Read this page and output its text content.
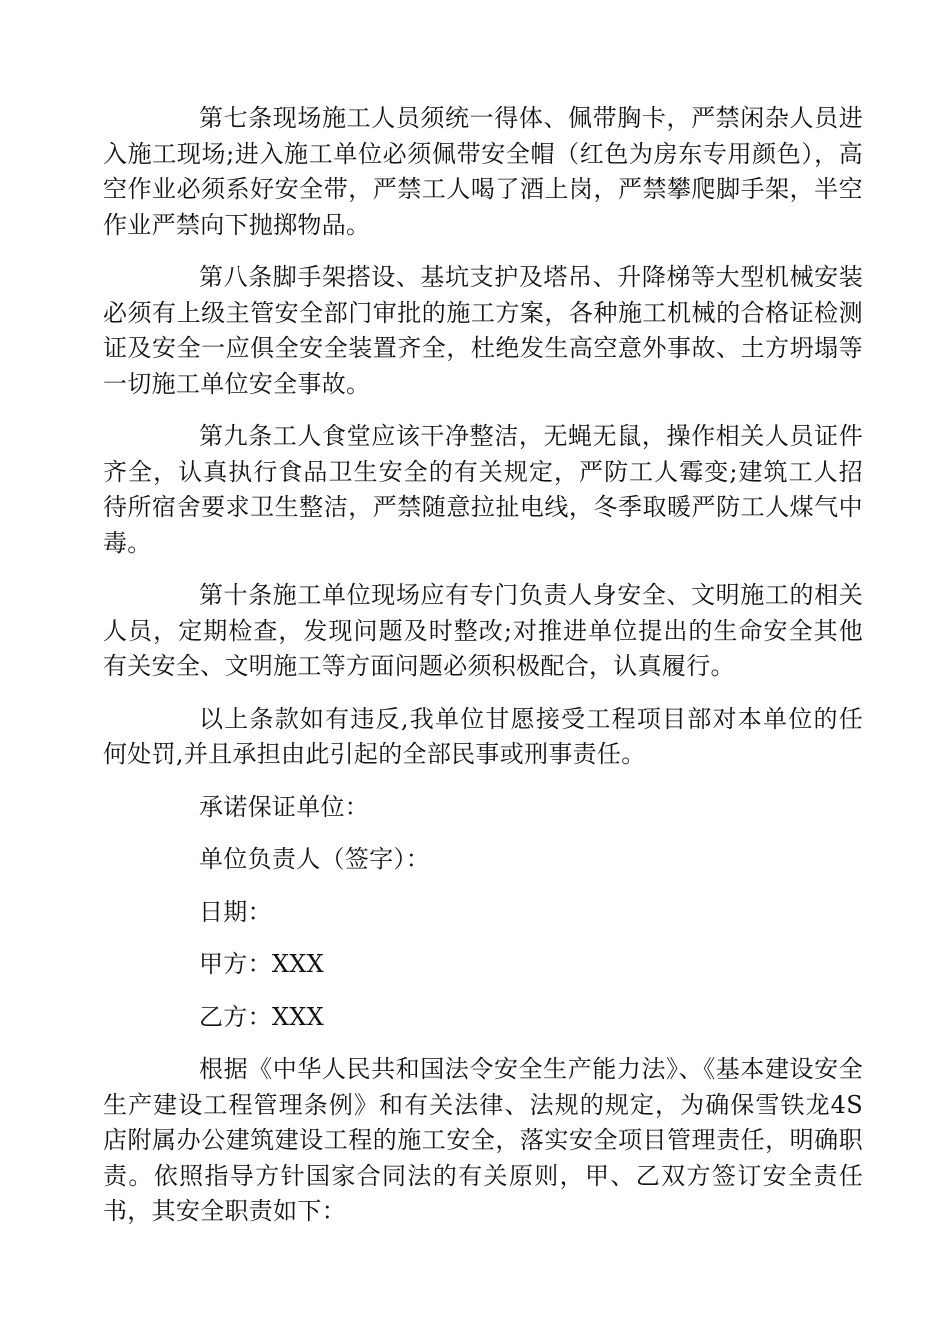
第七条现场施工人员须统一得体、佩带胸卡，严禁闲杂人员进入施工现场;进入施工单位必须佩带安全帽（红色为房东专用颜色），高空作业必须系好安全带，严禁工人喝了酒上岗，严禁攀爬脚手架，半空作业严禁向下抛掷物品。

第八条脚手架搭设、基坑支护及塔吊、升降梯等大型机械安装必须有上级主管安全部门审批的施工方案，各种施工机械的合格证检测证及安全一应俱全安全装置齐全，杜绝发生高空意外事故、土方坍塌等一切施工单位安全事故。

第九条工人食堂应该干净整洁，无蝇无鼠，操作相关人员证件齐全，认真执行食品卫生安全的有关规定，严防工人霉变;建筑工人招待所宿舍要求卫生整洁，严禁随意拉扯电线，冬季取暖严防工人煤气中毒。

第十条施工单位现场应有专门负责人身安全、文明施工的相关人员，定期检查，发现问题及时整改;对推进单位提出的生命安全其他有关安全、文明施工等方面问题必须积极配合，认真履行。

以上条款如有违反,我单位甘愿接受工程项目部对本单位的任何处罚,并且承担由此引起的全部民事或刑事责任。

承诺保证单位：
单位负责人（签字）：
日期：
甲方：XXX
乙方：XXX

根据《中华人民共和国法令安全生产能力法》、《基本建设安全生产建设工程管理条例》和有关法律、法规的规定，为确保雪铁龙4S店附属办公建筑建设工程的施工安全，落实安全项目管理责任，明确职责。依照指导方针国家合同法的有关原则，甲、乙双方签订安全责任书，其安全职责如下：
